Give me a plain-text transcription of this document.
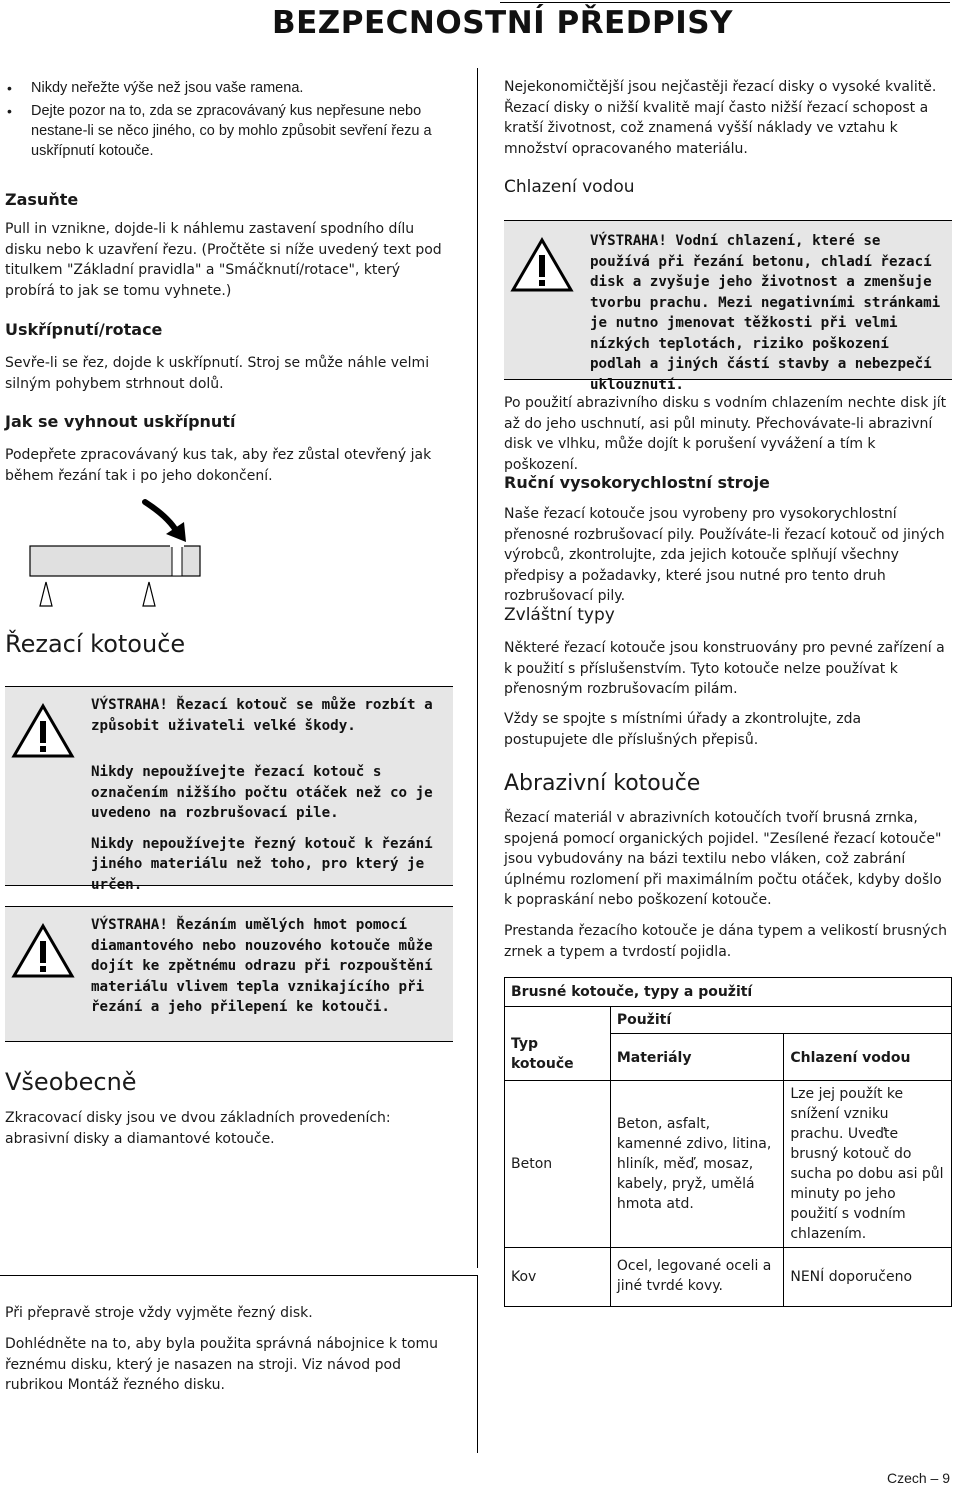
BEZPECNOSTNÍ PŘEDPISY
• Nikdy neřežte výše než jsou vaše ramena.
• Dejte pozor na to, zda se zpracovávaný kus nepřesune nebo nestane-li se něco jiného, co by mohlo způsobit sevření řezu a uskřípnutí kotouče.
Zasuňte

Pull in vznikne, dojde-li k náhlemu zastavení spodního dílu disku nebo k uzavření řezu. (Pročtěte si níže uvedený text pod titulkem "Základní pravidla" a "Smáčknutí/rotace", který probírá to jak se tomu vyhnete.)

Uskřípnutí/rotace

Sevře-li se řez, dojde k uskřípnutí. Stroj se může náhle velmi silným pohybem strhnout dolů.

Jak se vyhnout uskřípnutí

Podepřete zpracovávaný kus tak, aby řez zůstal otevřený jak během řezání tak i po jeho dokončení.

Řezací kotouče

VÝSTRAHA! Řezací kotouč se může rozbít a způsobit uživateli velké škody.

Nikdy nepoužívejte řezací kotouč s označením nižšího počtu otáček než co je uvedeno na rozbrušovací pile.

Nikdy nepoužívejte řezný kotouč k řezání jiného materiálu než toho, pro který je určen.

VÝSTRAHA! Řezáním umělých hmot pomocí diamantového nebo nouzového kotouče může dojít ke zpětnému odrazu při rozpouštění materiálu vlivem tepla vznikajícího při řezání a jeho přilepení ke kotouči.

Všeobecně

Zkracovací disky jsou ve dvou základních provedeních: abrasivní disky a diamantové kotouče.

Nejekonomičtější jsou nejčastěji řezací disky o vysoké kvalitě. Řezací disky o nižší kvalitě mají často nižší řezací schopost a kratší životnost, což znamená vyšší náklady ve vztahu k množství opracovaného materiálu.

Chlazení vodou

VÝSTRAHA! Vodní chlazení, které se používá při řezání betonu, chladí řezací disk a zvyšuje jeho životnost a zmenšuje tvorbu prachu. Mezi negativními stránkami je nutno jmenovat těžkosti při velmi nízkých teplotách, riziko poškození podlah a jiných částí stavby a nebezpečí uklouznutí.

Po použití abrazivního disku s vodním chlazením nechte disk jít až do jeho uschnutí, asi půl minuty. Přechovávate-li abrazivní disk ve vlhku, může dojít k porušení vyvážení a tím k poškození.

Ruční vysokorychlostní stroje

Naše řezací kotouče jsou vyrobeny pro vysokorychlostní přenosné rozbrušovací pily. Používáte-li řezací kotouč od jiných výrobců, zkontrolujte, zda jejich kotouče splňují všechny předpisy a požadavky, které jsou nutné pro tento druh rozbrušovací pily.

Zvláštní typy

Některé řezací kotouče jsou konstruovány pro pevné zařízení a k použití s příslušenstvím. Tyto kotouče nelze používat k přenosným rozbrušovacím pilám.

Vždy se spojte s místními úřady a zkontrolujte, zda postupujete dle příslušných přepisů.

Abrazivní kotouče

Řezací materiál v abrazivních kotoučích tvoří brusná zrnka, spojená pomocí organických pojidel. "Zesílené řezací kotouče" jsou vybudovány na bázi textilu nebo vláken, což zabrání úplnému rozlomení při maximálním počtu otáček, kdyby došlo k popraskání nebo poškození kotouče.

Prestanda řezacího kotouče je dána typem a velikostí brusných zrnek a typem a tvrdostí pojidla.

Brusné kotouče, typy a použití		
Typ kotouče	Použití	
	Materiály	Chlazení vodou
Beton	Beton, asfalt, kamenné zdivo, litina, hliník, měď, mosaz, kabely, pryž, umělá hmota atd.	Lze jej použít ke snížení vzniku prachu. Uveďte brusný kotouč do sucha po dobu asi půl minuty po jeho použití s vodním chlazením.
Kov	Ocel, legované oceli a jiné tvrdé kovy.	NENÍ doporučeno

Při přepravě stroje vždy vyjměte řezný disk.

Dohlédněte na to, aby byla použita správná nábojnice k tomu řeznému disku, který je nasazen na stroji. Viz návod pod rubrikou Montáž řezného disku.

Czech – 9
